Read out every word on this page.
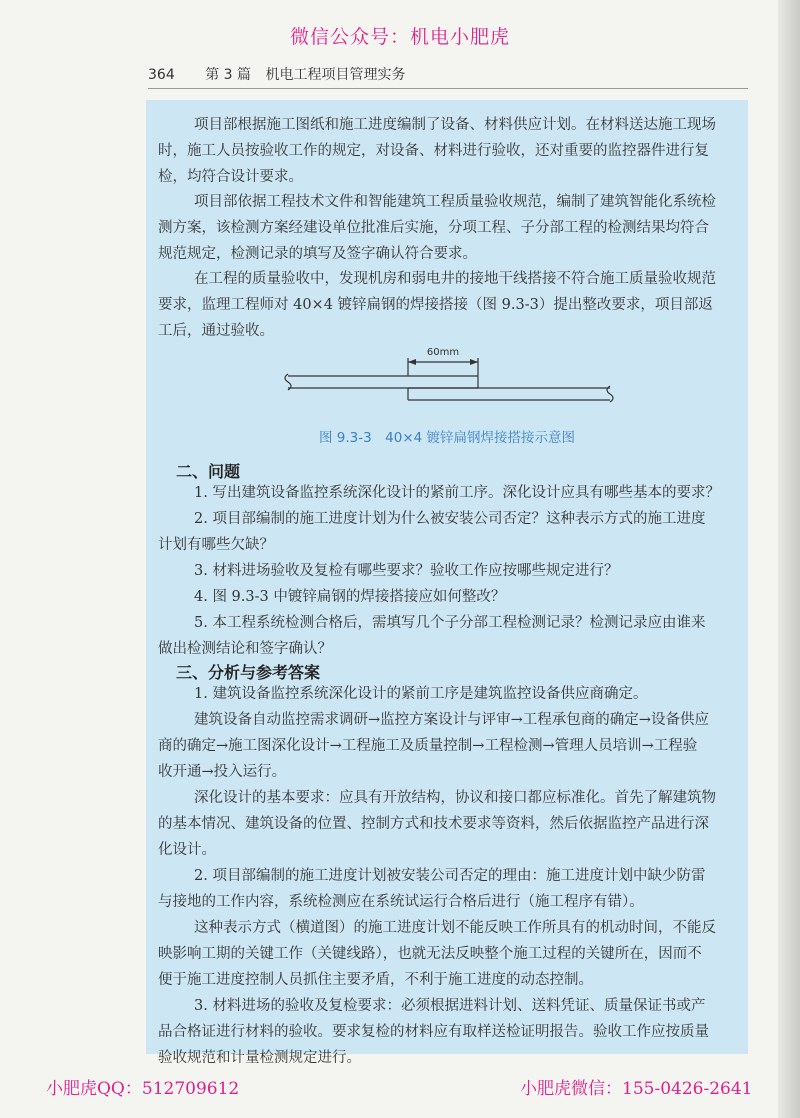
微信公众号：机电小肥虎
364 第 3 篇 机电工程项目管理实务
项目部根据施工图纸和施工进度编制了设备、材料供应计划。在材料送达施工现场
时，施工人员按验收工作的规定，对设备、材料进行验收，还对重要的监控器件进行复
检，均符合设计要求。
项目部依据工程技术文件和智能建筑工程质量验收规范，编制了建筑智能化系统检
测方案，该检测方案经建设单位批准后实施，分项工程、子分部工程的检测结果均符合
规范规定，检测记录的填写及签字确认符合要求。
在工程的质量验收中，发现机房和弱电井的接地干线搭接不符合施工质量验收规范
要求，监理工程师对 40×4 镀锌扁钢的焊接搭接（图 9.3-3）提出整改要求，项目部返
工后，通过验收。
60mm
图 9.3-3　40×4 镀锌扁钢焊接搭接示意图
二、问题
1. 写出建筑设备监控系统深化设计的紧前工序。深化设计应具有哪些基本的要求？
2. 项目部编制的施工进度计划为什么被安装公司否定？这种表示方式的施工进度
计划有哪些欠缺？
3. 材料进场验收及复检有哪些要求？验收工作应按哪些规定进行？
4. 图 9.3-3 中镀锌扁钢的焊接搭接应如何整改？
5. 本工程系统检测合格后，需填写几个子分部工程检测记录？检测记录应由谁来
做出检测结论和签字确认？
三、分析与参考答案
1. 建筑设备监控系统深化设计的紧前工序是建筑监控设备供应商确定。
建筑设备自动监控需求调研→监控方案设计与评审→工程承包商的确定→设备供应
商的确定→施工图深化设计→工程施工及质量控制→工程检测→管理人员培训→工程验
收开通→投入运行。
深化设计的基本要求：应具有开放结构，协议和接口都应标准化。首先了解建筑物
的基本情况、建筑设备的位置、控制方式和技术要求等资料，然后依据监控产品进行深
化设计。
2. 项目部编制的施工进度计划被安装公司否定的理由：施工进度计划中缺少防雷
与接地的工作内容，系统检测应在系统试运行合格后进行（施工程序有错）。
这种表示方式（横道图）的施工进度计划不能反映工作所具有的机动时间，不能反
映影响工期的关键工作（关键线路），也就无法反映整个施工过程的关键所在，因而不
便于施工进度控制人员抓住主要矛盾，不利于施工进度的动态控制。
3. 材料进场的验收及复检要求：必须根据进料计划、送料凭证、质量保证书或产
品合格证进行材料的验收。要求复检的材料应有取样送检证明报告。验收工作应按质量
验收规范和计量检测规定进行。
小肥虎QQ：512709612	小肥虎微信：155-0426-2641
